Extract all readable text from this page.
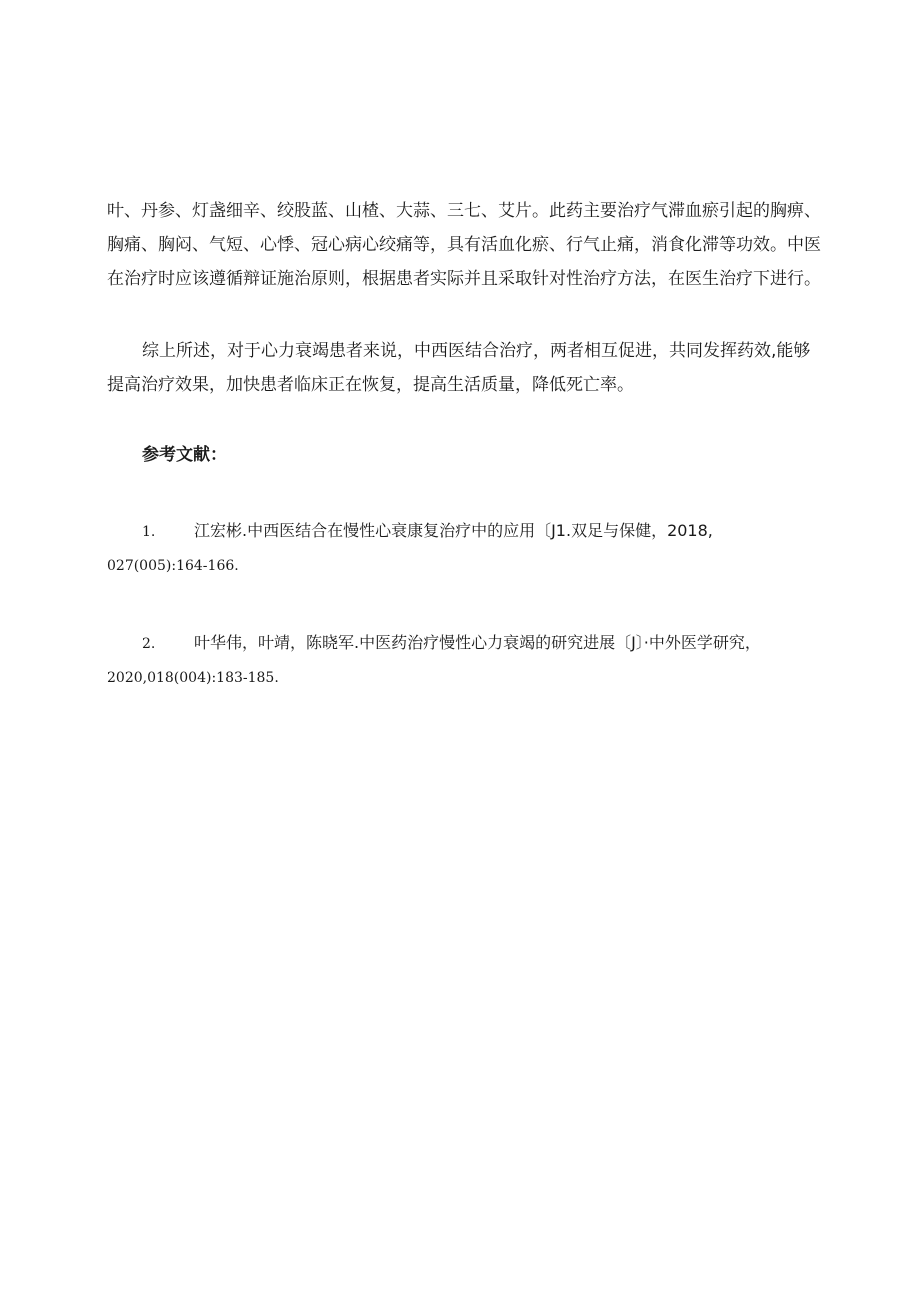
叶、丹参、灯盏细辛、绞股蓝、山楂、大蒜、三七、艾片。此药主要治疗气滞血瘀引起的胸痹、
胸痛、胸闷、气短、心悸、冠心病心绞痛等，具有活血化瘀、行气止痛，消食化滞等功效。中医
在治疗时应该遵循辩证施治原则，根据患者实际并且采取针对性治疗方法，在医生治疗下进行。
综上所述，对于心力衰竭患者来说，中西医结合治疗，两者相互促进，共同发挥药效,能够
提高治疗效果，加快患者临床正在恢复，提高生活质量，降低死亡率。
参考文献：
1. 江宏彬.中西医结合在慢性心衰康复治疗中的应用〔J1.双足与保健，2018,
027(005):164-166.
2. 叶华伟，叶靖，陈晓军.中医药治疗慢性心力衰竭的研究进展〔J〕·中外医学研究，
2020,018(004):183-185.
